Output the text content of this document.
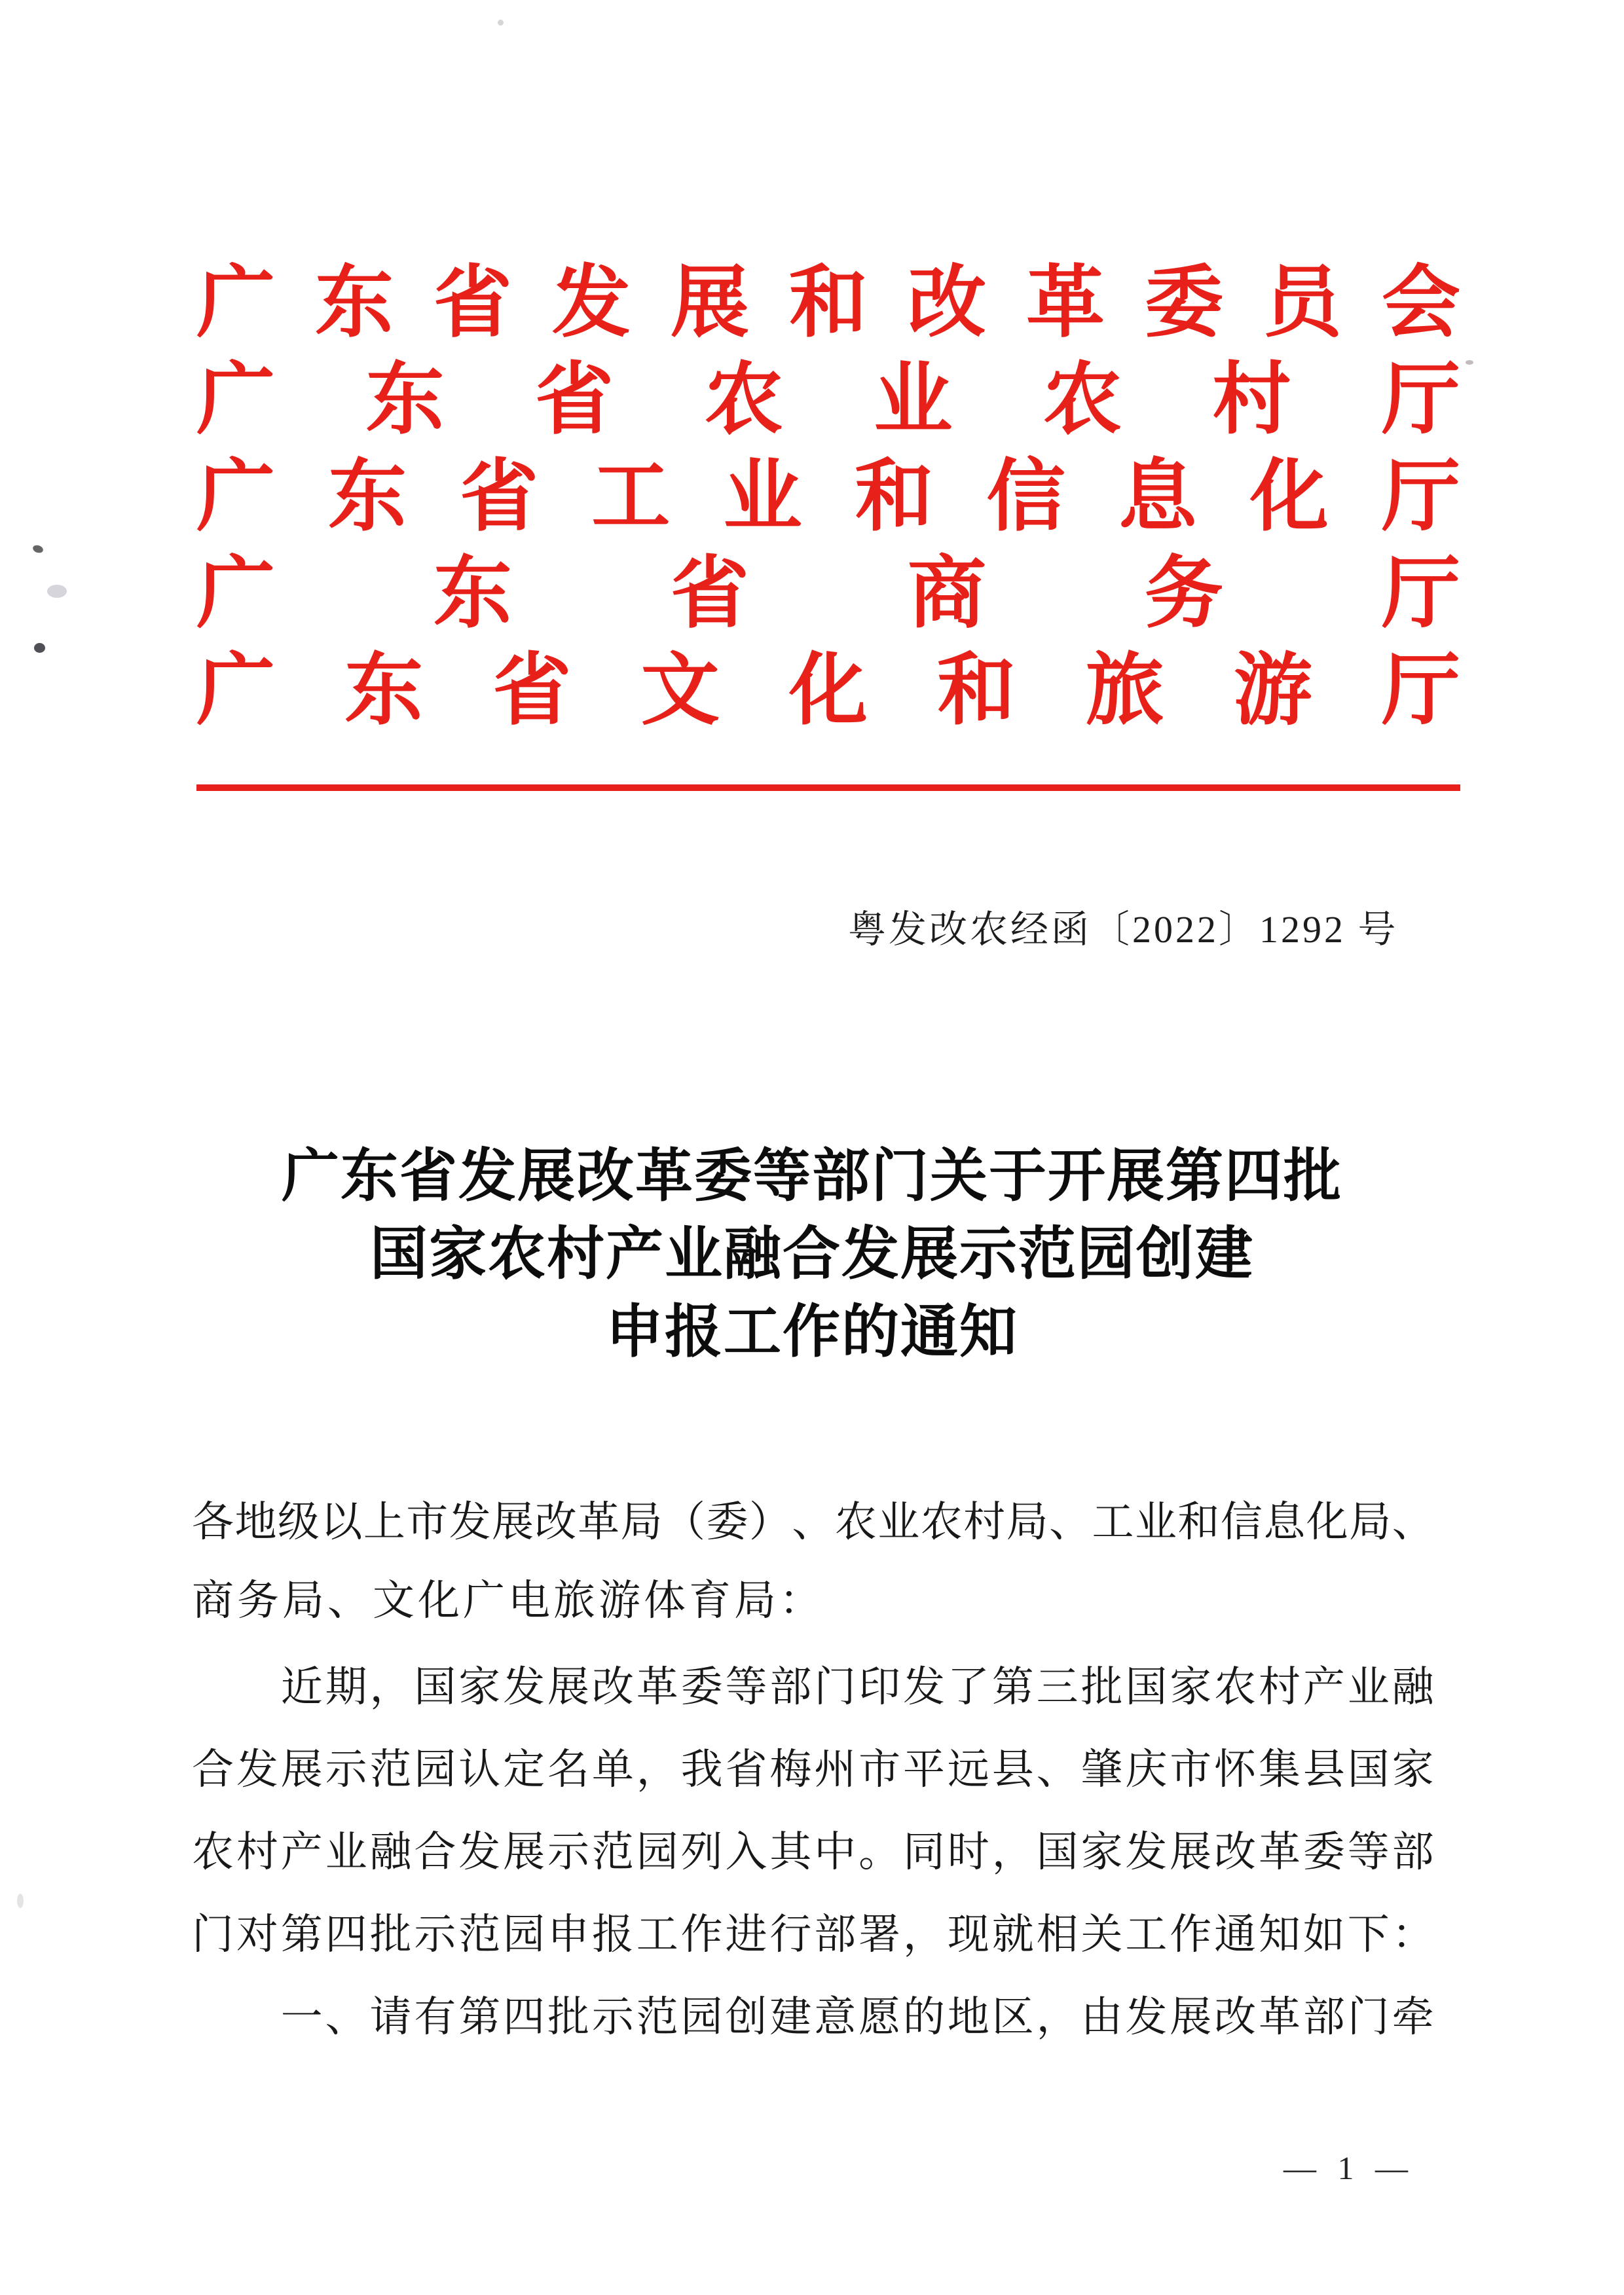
广 东 省 发 展 和 改 革 委 员 会
广 东 省 农 业 农 村 厅
广 东 省 工 业 和 信 息 化 厅
广 东 省 商 务 厅
广 东 省 文 化 和 旅 游 厅
粤发改农经函〔2022〕1292 号
广东省发展改革委等部门关于开展第四批
国家农村产业融合发展示范园创建
申报工作的通知
各 地 级 以 上 市 发 展 改 革 局 （ 委 ） 、 农 业 农 村 局 、 工 业 和 信 息 化 局 、
商务局、文化广电旅游体育局：

近 期 ， 国 家 发 展 改 革 委 等 部 门 印 发 了 第 三 批 国 家 农 村 产 业 融
合 发 展 示 范 园 认 定 名 单 ， 我 省 梅 州 市 平 远 县 、 肇 庆 市 怀 集 县 国 家
农 村 产 业 融 合 发 展 示 范 园 列 入 其 中 。 同 时 ， 国 家 发 展 改 革 委 等 部
门 对 第 四 批 示 范 园 申 报 工 作 进 行 部 署 ， 现 就 相 关 工 作 通 知 如 下 ：

一 、 请 有 第 四 批 示 范 园 创 建 意 愿 的 地 区 ， 由 发 展 改 革 部 门 牵
— 1 —
